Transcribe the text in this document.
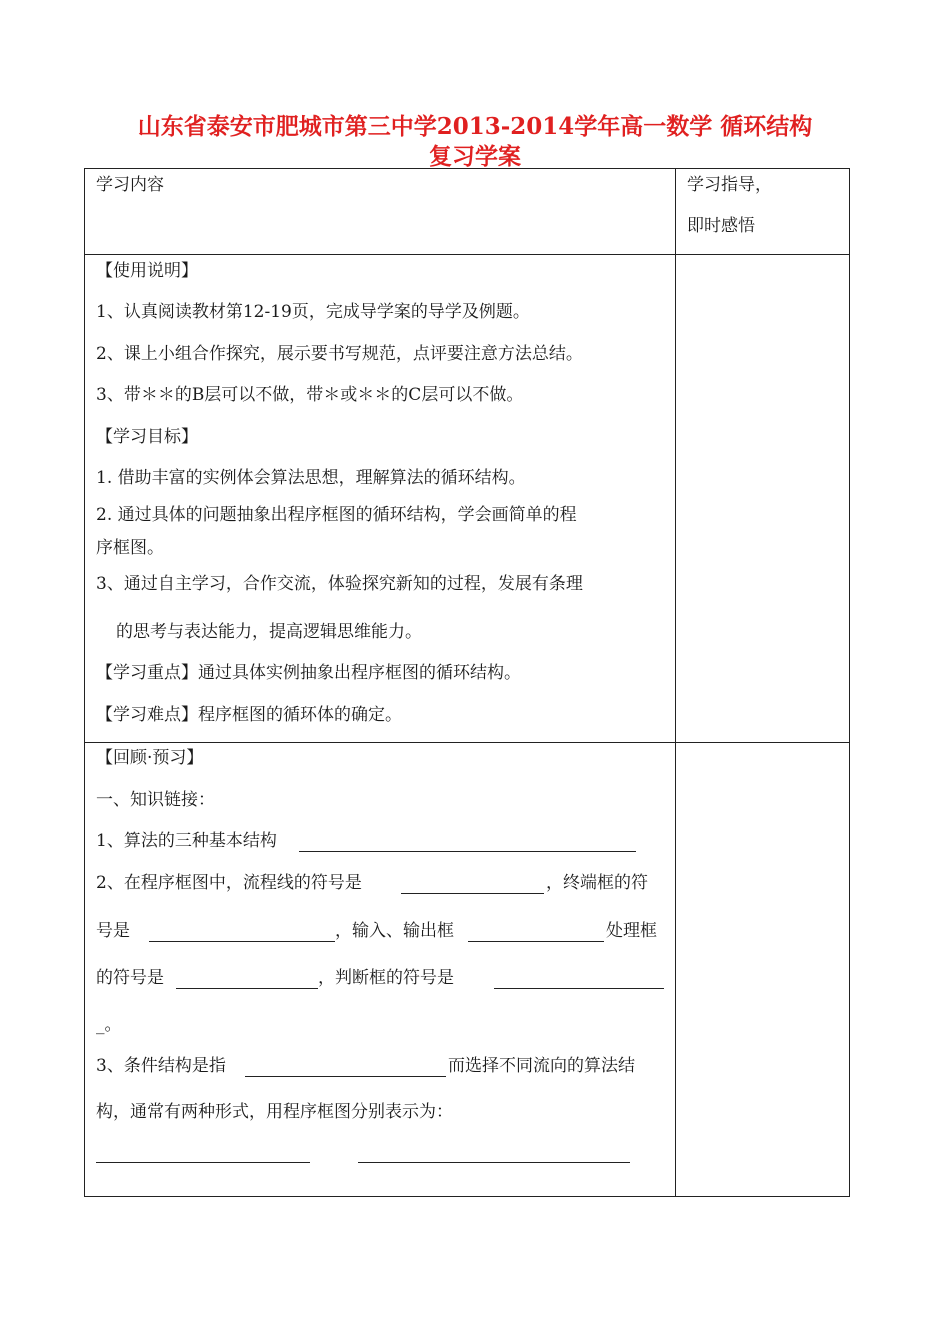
山东省泰安市肥城市第三中学2013-2014学年高一数学 循环结构
复习学案
学习内容	学习指导，
即时感悟
【使用说明】
1、认真阅读教材第12-19页，完成导学案的导学及例题。
2、课上小组合作探究，展示要书写规范，点评要注意方法总结。
3、带＊＊的B层可以不做，带＊或＊＊的C层可以不做。
【学习目标】
1. 借助丰富的实例体会算法思想，理解算法的循环结构。
2. 通过具体的问题抽象出程序框图的循环结构，学会画简单的程
序框图。
3、通过自主学习，合作交流，体验探究新知的过程，发展有条理
的思考与表达能力，提高逻辑思维能力。
【学习重点】通过具体实例抽象出程序框图的循环结构。
【学习难点】程序框图的循环体的确定。
【回顾·预习】
一、知识链接：
1、算法的三种基本结构
2、在程序框图中，流程线的符号是	，终端框的符
号是	，输入、输出框	处理框
的符号是	，判断框的符号是
_。
3、条件结构是指	而选择不同流向的算法结
构，通常有两种形式，用程序框图分别表示为：
